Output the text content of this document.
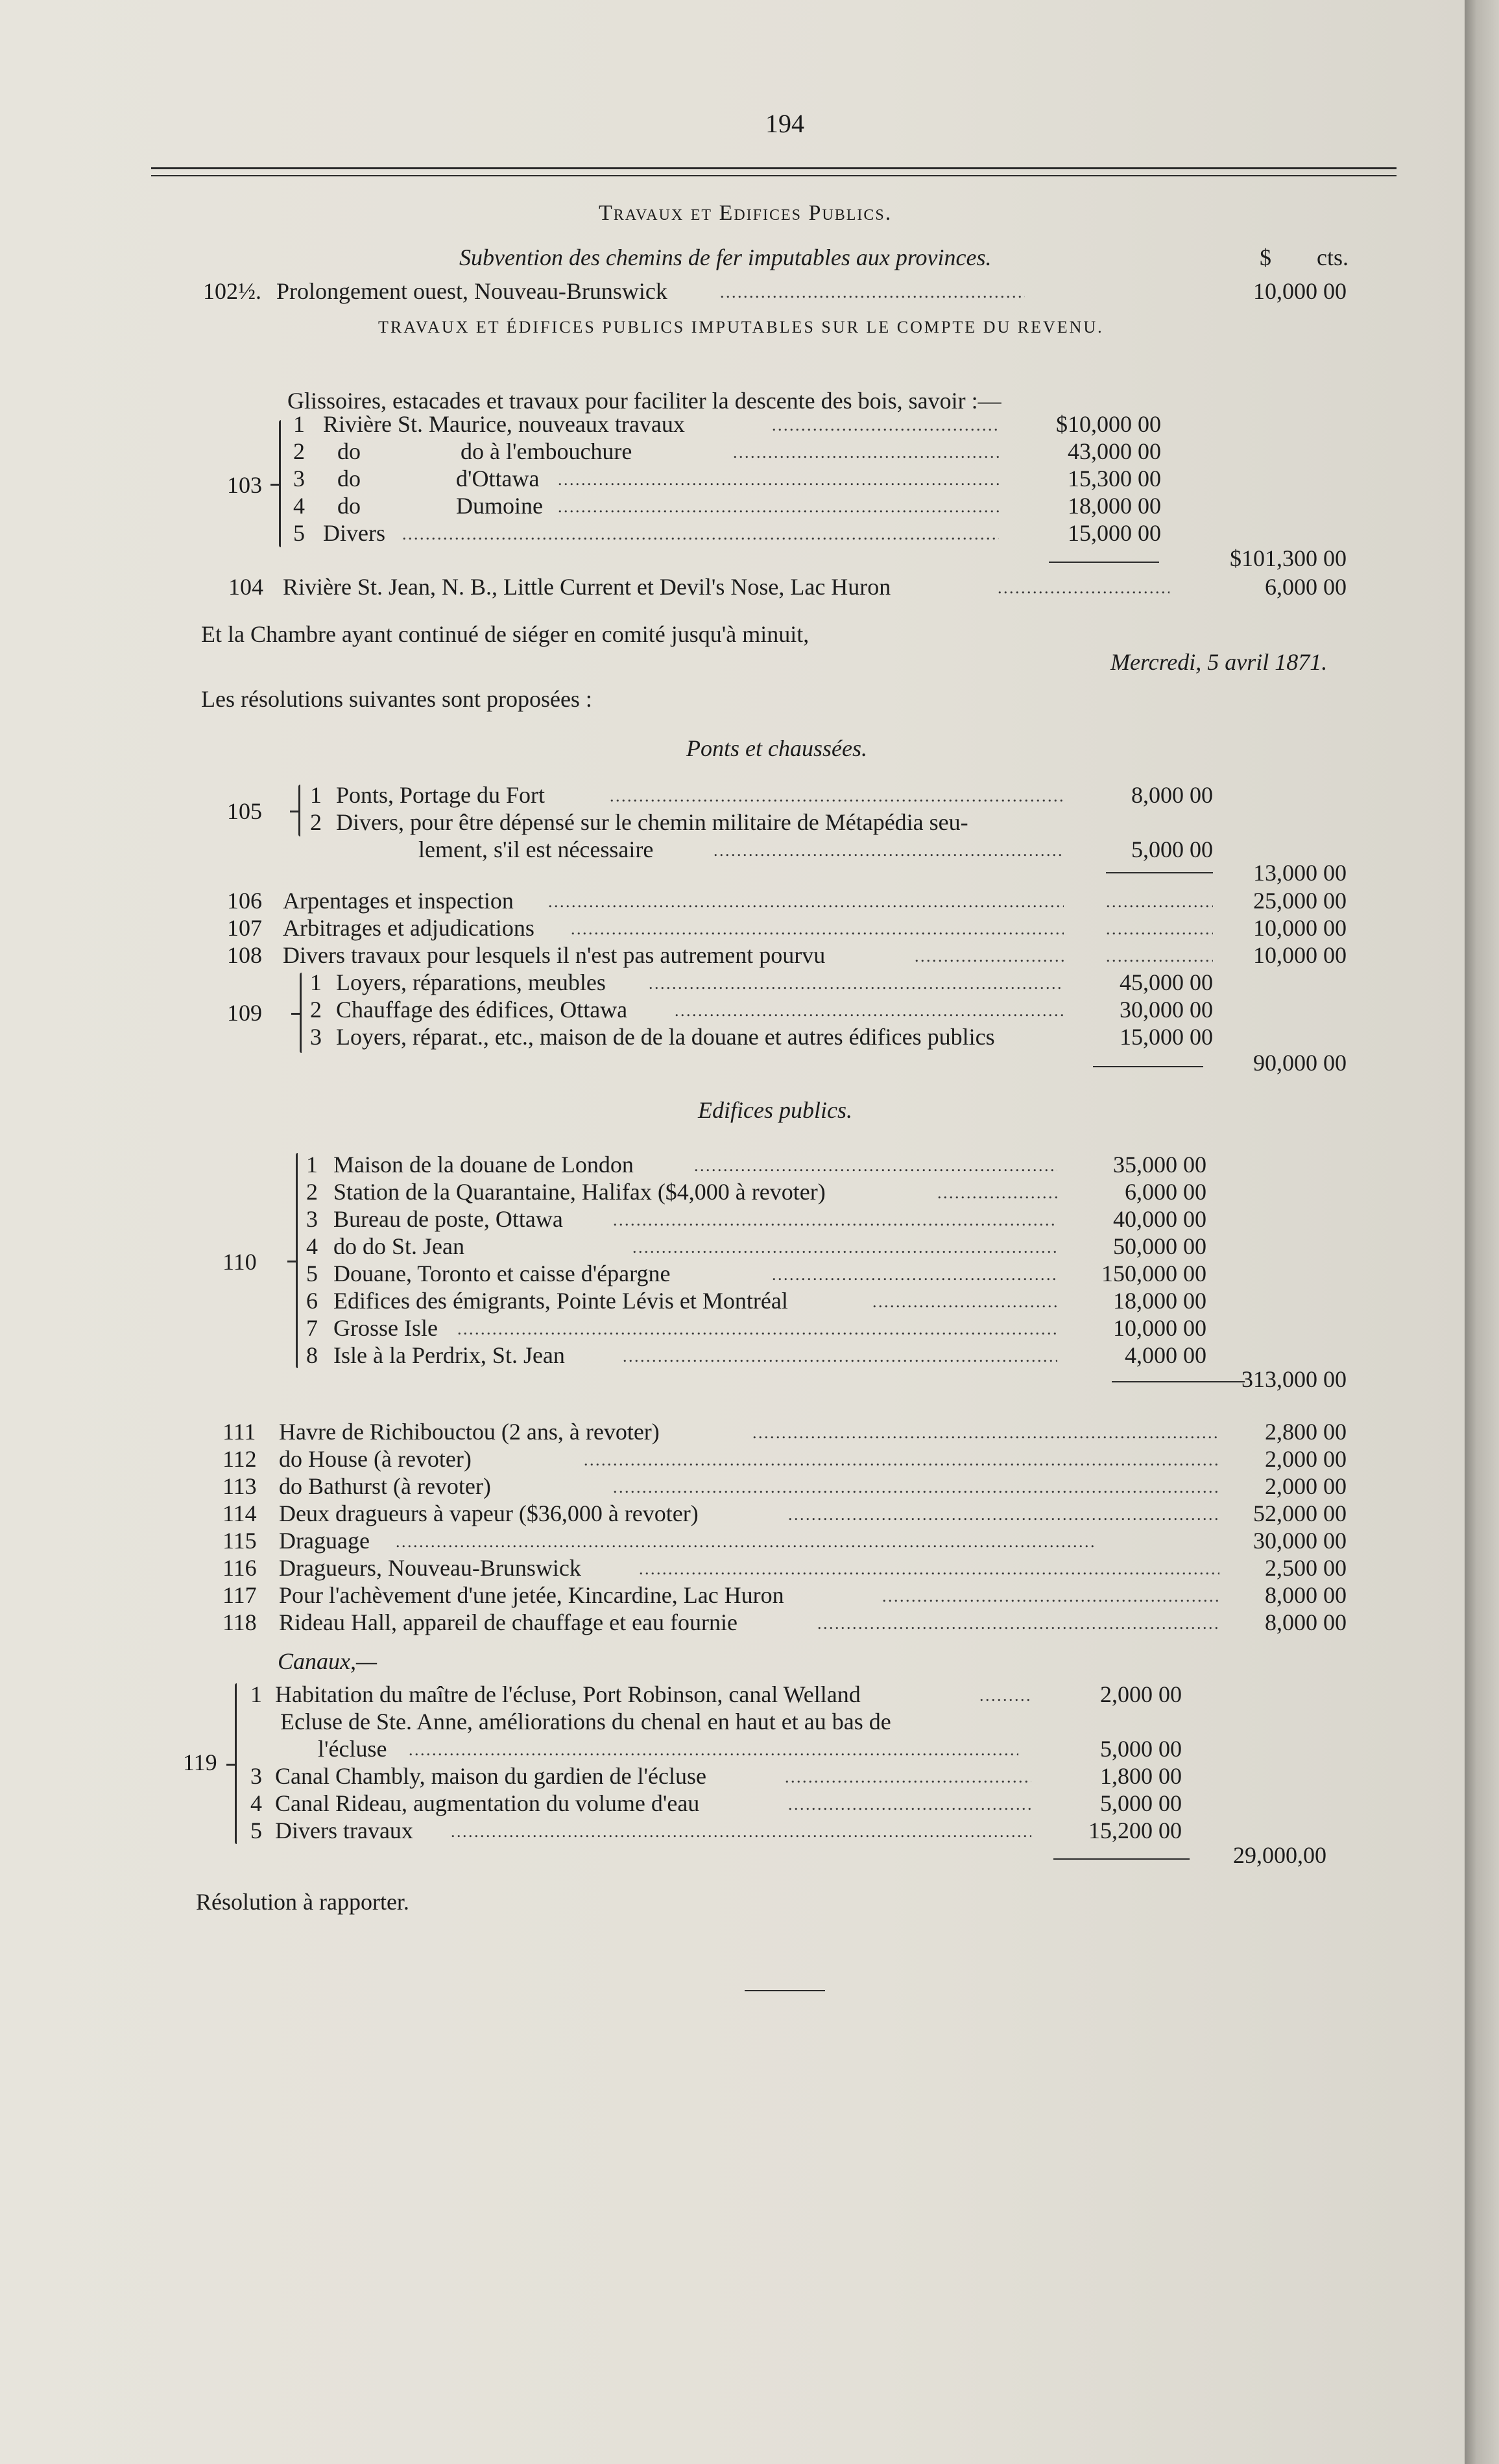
194
Travaux et Edifices Publics.
Subvention des chemins de fer imputables aux provinces.	$ cts.
102½. Prolongement ouest, Nouveau-Brunswick . . .	10,000 00
TRAVAUX ET ÉDIFICES PUBLICS IMPUTABLES SUR LE COMPTE DU REVENU.
Glissoires, estacades et travaux pour faciliter la descente des bois, savoir :—
103
1 Rivière St. Maurice, nouveaux travaux . . .	$10,000 00
2 do	do à l'embouchure . . .	43,000 00
3 do	d'Ottawa . . .	15,300 00
4 do	Dumoine . . .	18,000 00
5 Divers . . .	15,000 00
$101,300 00
104 Rivière St. Jean, N. B., Little Current et Devil's Nose, Lac Huron . . .	6,000 00
Et la Chambre ayant continué de siéger en comité jusqu'à minuit,
Mercredi, 5 avril 1871.
Les résolutions suivantes sont proposées :
Ponts et chaussées.
105
1 Ponts, Portage du Fort . . .	8,000 00
2 Divers, pour être dépensé sur le chemin militaire de Métapédia seu-
lement, s'il est nécessaire . . .	5,000 00
13,000 00
106 Arpentages et inspection . . . . . .	25,000 00
107 Arbitrages et adjudications . . . . . .	10,000 00
108 Divers travaux pour lesquels il n'est pas autrement pourvu . . . . . .	10,000 00
109
1 Loyers, réparations, meubles . . .	45,000 00
2 Chauffage des édifices, Ottawa . . .	30,000 00
3 Loyers, réparat., etc., maison de de la douane et autres édifices publics	15,000 00
90,000 00
Edifices publics.
110
1 Maison de la douane de London . . .	35,000 00
2 Station de la Quarantaine, Halifax ($4,000 à revoter) . . .	6,000 00
3 Bureau de poste, Ottawa . . .	40,000 00
4 do do St. Jean . . .	50,000 00
5 Douane, Toronto et caisse d'épargne . . .	150,000 00
6 Edifices des émigrants, Pointe Lévis et Montréal . . .	18,000 00
7 Grosse Isle . . .	10,000 00
8 Isle à la Perdrix, St. Jean . . .	4,000 00
313,000 00
111 Havre de Richibouctou (2 ans, à revoter) . . .	2,800 00
112 do House (à revoter) . . .	2,000 00
113 do Bathurst (à revoter) . . .	2,000 00
114 Deux dragueurs à vapeur ($36,000 à revoter) . . .	52,000 00
115 Draguage . . .	30,000 00
116 Dragueurs, Nouveau-Brunswick . . .	2,500 00
117 Pour l'achèvement d'une jetée, Kincardine, Lac Huron . . .	8,000 00
118 Rideau Hall, appareil de chauffage et eau fournie . . .	8,000 00
Canaux,—
119
1 Habitation du maître de l'écluse, Port Robinson, canal Welland . . .	2,000 00
Ecluse de Ste. Anne, améliorations du chenal en haut et au bas de
l'écluse . . .	5,000 00
3 Canal Chambly, maison du gardien de l'écluse . . .	1,800 00
4 Canal Rideau, augmentation du volume d'eau . . .	5,000 00
5 Divers travaux . . .	15,200 00
29,000,00
Résolution à rapporter.
